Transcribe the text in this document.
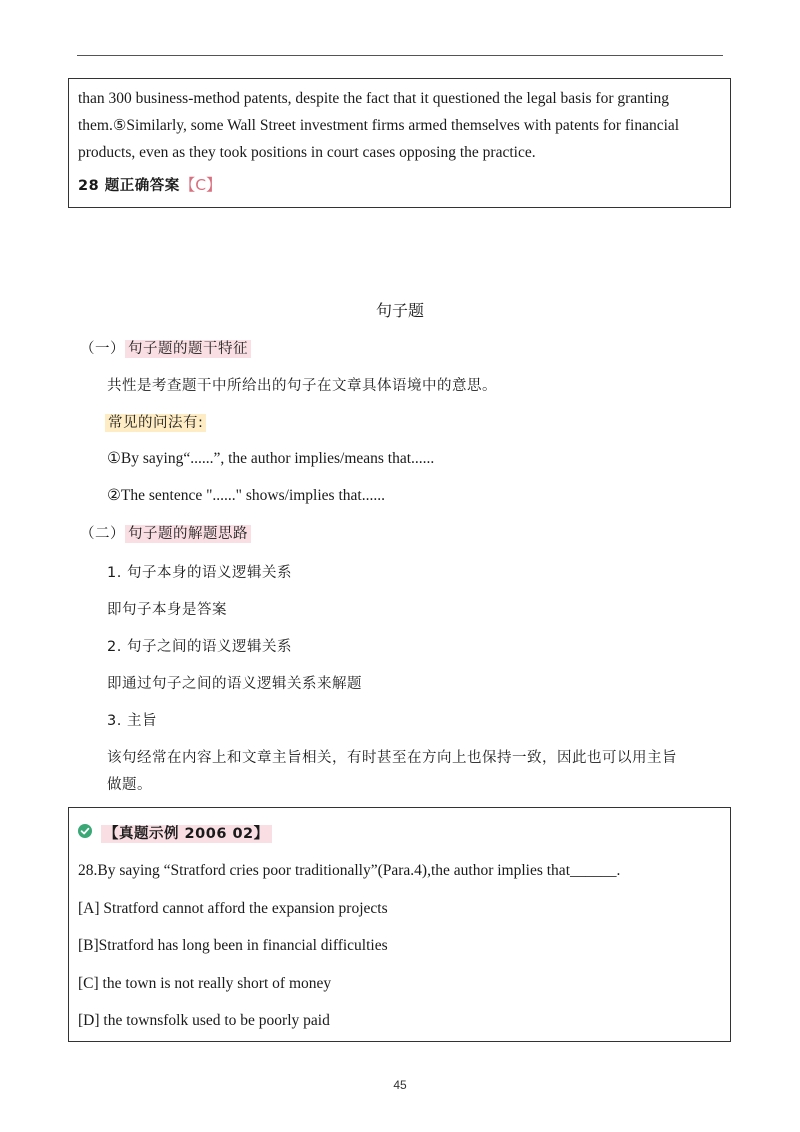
than 300 business-method patents, despite the fact that it questioned the legal basis for granting
them.⑤Similarly, some Wall Street investment firms armed themselves with patents for financial
products, even as they took positions in court cases opposing the practice.

28 题正确答案【C】
句子题
（一） 句子题的题干特征
共性是考查题干中所给出的句子在文章具体语境中的意思。
常见的问法有:
①By saying“......”, the author implies/means that......
②The sentence "......" shows/implies that......
（二） 句子题的解题思路
1. 句子本身的语义逻辑关系
即句子本身是答案
2. 句子之间的语义逻辑关系
即通过句子之间的语义逻辑关系来解题
3. 主旨
该句经常在内容上和文章主旨相关，有时甚至在方向上也保持一致，因此也可以用主旨
做题。
【真题示例 2006 02】
28.By saying “Stratford cries poor traditionally”(Para.4),the author implies that______.
[A] Stratford cannot afford the expansion projects
[B]Stratford has long been in financial difficulties
[C] the town is not really short of money
[D] the townsfolk used to be poorly paid
45
